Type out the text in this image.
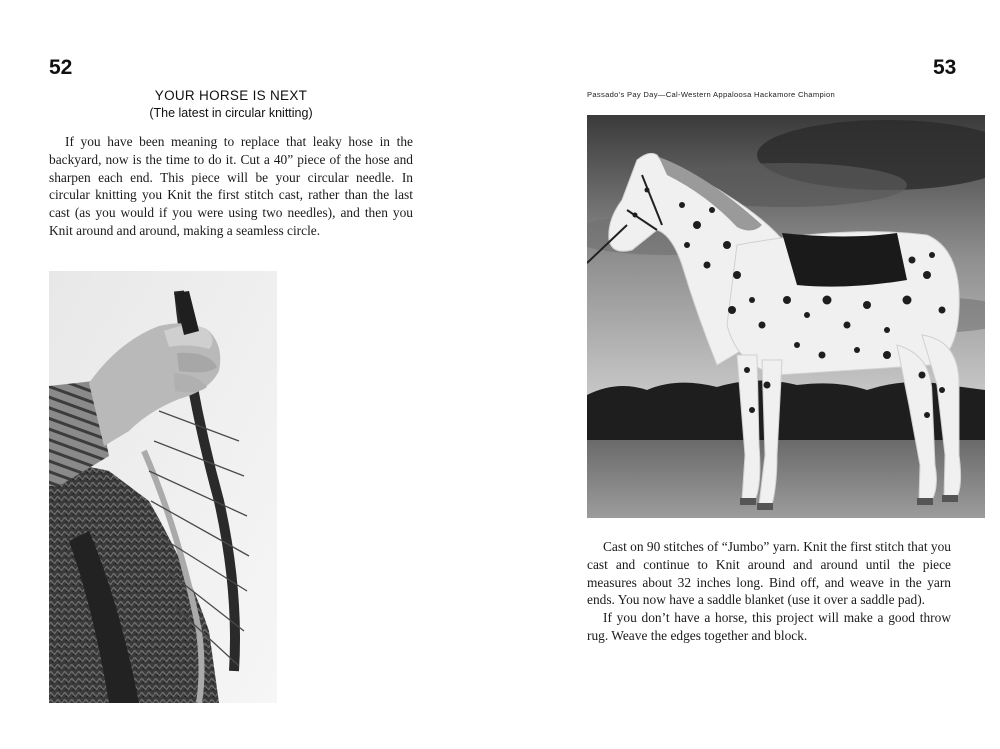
52	53
YOUR HORSE IS NEXT
(The latest in circular knitting)

If you have been meaning to replace that leaky hose in the backyard, now is the time to do it. Cut a 40” piece of the hose and sharpen each end. This piece will be your circular needle. In circular knitting you Knit the first stitch cast, rather than the last cast (as you would if you were using two needles), and then you Knit around and around, making a seamless circle.

Passado’s Pay Day—Cal-Western Appaloosa Hackamore Champion

Cast on 90 stitches of “Jumbo” yarn. Knit the first stitch that you cast and continue to Knit around and around until the piece measures about 32 inches long. Bind off, and weave in the yarn ends. You now have a saddle blanket (use it over a saddle pad).

If you don’t have a horse, this project will make a good throw rug. Weave the edges together and block.
